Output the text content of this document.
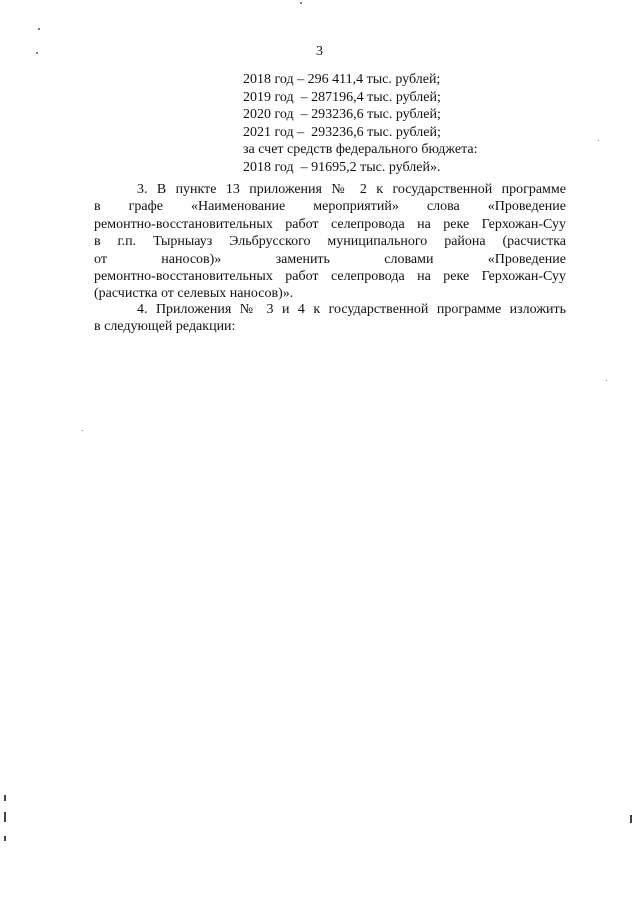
3
2018 год – 296 411,4 тыс. рублей;
2019 год  – 287196,4 тыс. рублей;
2020 год  – 293236,6 тыс. рублей;
2021 год –  293236,6 тыс. рублей;
за счет средств федерального бюджета:
2018 год  – 91695,2 тыс. рублей».
3. В пункте 13 приложения № 2 к государственной программе
в графе «Наименование мероприятий» слова «Проведение
ремонтно-восстановительных работ селепровода на реке Герхожан-Суу
в г.п. Тырныауз Эльбрусского муниципального района (расчистка
от наносов)» заменить словами «Проведение
ремонтно-восстановительных работ селепровода на реке Герхожан-Суу
(расчистка от селевых наносов)».
4. Приложения № 3 и 4 к государственной программе изложить
в следующей редакции:
